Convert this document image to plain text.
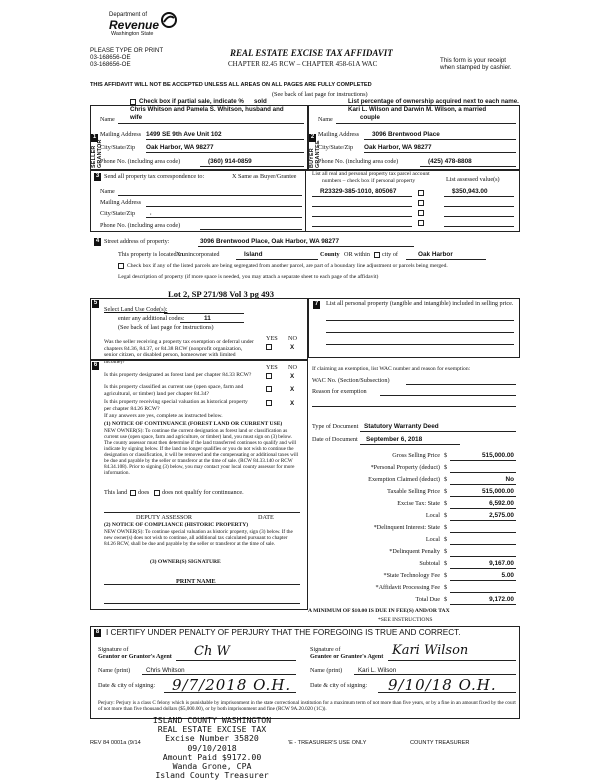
Department of
Revenue
Washington State
PLEASE TYPE OR PRINT
03-168656-OE
03-168656-OE
REAL ESTATE EXCISE TAX AFFIDAVIT
CHAPTER 82.45 RCW – CHAPTER 458-61A WAC	This form is your receipt
when stamped by cashier.
THIS AFFIDAVIT WILL NOT BE ACCEPTED UNLESS ALL AREAS ON ALL PAGES ARE FULLY COMPLETED
(See back of last page for instructions)
Check box if partial sale, indicate % sold	List percentage of ownership acquired next to each name.
1
SELLER GRANTOR
2
BUYER GRANTEE
Chris Whitson and Pamela S. Whitson, husband and
Name wife
Mailing Address 1499 SE 9th Ave Unit 102
City/State/Zip Oak Harbor, WA 98277
Phone No. (including area code)	(360) 914-0859
Kari L. Wilson and Darwin M. Wilson, a married
Name	couple
Mailing Address 3096 Brentwood Place
City/State/Zip Oak Harbor, WA 98277
Phone No. (including area code)	(425) 478-8808
3 Send all property tax correspondence to:	X Same as Buyer/Grantee
Name
Mailing Address
City/State/Zip ,
Phone No. (including area code)
List all real and personal property tax parcel account
numbers – check box if personal property	List assessed value(s)
R23329-385-1010, 805067	$350,943.00
4 Street address of property:	3096 Brentwood Place, Oak Harbor, WA 98277
This property is located in
X unincorporated	Island	County OR within city of	Oak Harbor
Check box if any of the listed parcels are being segregated from another parcel, are part of a boundary line adjustment or parcels being merged.
Legal description of property (if more space is needed, you may attach a separate sheet to each page of the affidavit)
Lot 2, SP 271/98 Vol 3 pg 493
5
Select Land Use Code(s):
enter any additional codes:	11
(See back of last page for instructions)
YES NO
Was the seller receiving a property tax exemption or deferral under chapters 84.36, 84.37, or 84.38 RCW (nonprofit organization, senior citizen, or disabled person, homeowner with limited income)?
X
6	YES NO
Is this property designated as forest land per chapter 84.33 RCW?	X
Is this property classified as current use (open space, farm and agricultural, or timber) land per chapter 84.34?
X
Is this property receiving special valuation as historical property per chapter 84.26 RCW?
X
If any answers are yes, complete as instructed below.
(1) NOTICE OF CONTINUANCE (FOREST LAND OR CURRENT USE)
NEW OWNER(S): To continue the current designation as forest land or classification as current use (open space, farm and agriculture, or timber) land, you must sign on (3) below. The county assessor must then determine if the land transferred continues to qualify and will indicate by signing below. If the land no longer qualifies or you do not wish to continue the designation or classification, it will be removed and the compensating or additional taxes will be due and payable by the seller or transferor at the time of sale. (RCW 84.33.140 or RCW 84.34.108). Prior to signing (3) below, you may contact your local county assessor for more information.
This land does does not qualify for continuance.
DEPUTY ASSESSOR	DATE
(2) NOTICE OF COMPLIANCE (HISTORIC PROPERTY)
NEW OWNER(S): To continue special valuation as historic property, sign (3) below. If the new owner(s) does not wish to continue, all additional tax calculated pursuant to chapter 84.26 RCW, shall be due and payable by the seller or transferor at the time of sale.
(3) OWNER(S) SIGNATURE
PRINT NAME
7 List all personal property (tangible and intangible) included in selling price.
If claiming an exemption, list WAC number and reason for exemption:
WAC No. (Section/Subsection)
Reason for exemption
Type of Document Statutory Warranty Deed
Date of Document September 6, 2018
Gross Selling Price $	515,000.00
*Personal Property (deduct) $
Exemption Claimed (deduct) $	No
Taxable Selling Price $	515,000.00
Excise Tax: State $	6,592.00
Local $	2,575.00
*Delinquent Interest: State $
Local $
*Delinquent Penalty $
Subtotal $	9,167.00
*State Technology Fee $	5.00
*Affidavit Processing Fee $
Total Due $	9,172.00
A MINIMUM OF $10.00 IS DUE IN FEE(S) AND/OR TAX
*SEE INSTRUCTIONS
8 I CERTIFY UNDER PENALTY OF PERJURY THAT THE FOREGOING IS TRUE AND CORRECT.
Signature of
Grantor or Grantor's Agent Ch W
Name (print)	Chris Whitson
Date & city of signing: 9/7/2018 O.H.
Signature of
Grantee or Grantee's Agent Kari Wilson
Name (print)	Kari L. Wilson
Date & city of signing: 9/10/18 O.H.
Perjury: Perjury is a class C felony which is punishable by imprisonment in the state correctional institution for a maximum term of not more than five years, or by a fine in an amount fixed by the court of not more than five thousand dollars ($5,000.00), or by both imprisonment and fine (RCW 9A.20.020 (1C)).
ISLAND COUNTY WASHINGTON
REAL ESTATE EXCISE TAX
Excise Number 35820
09/10/2018
Amount Paid $9172.00
Wanda Grone, CPA
Island County Treasurer
REV 84 0001a (9/14	'E - TREASURER'S USE ONLY	COUNTY TREASURER
